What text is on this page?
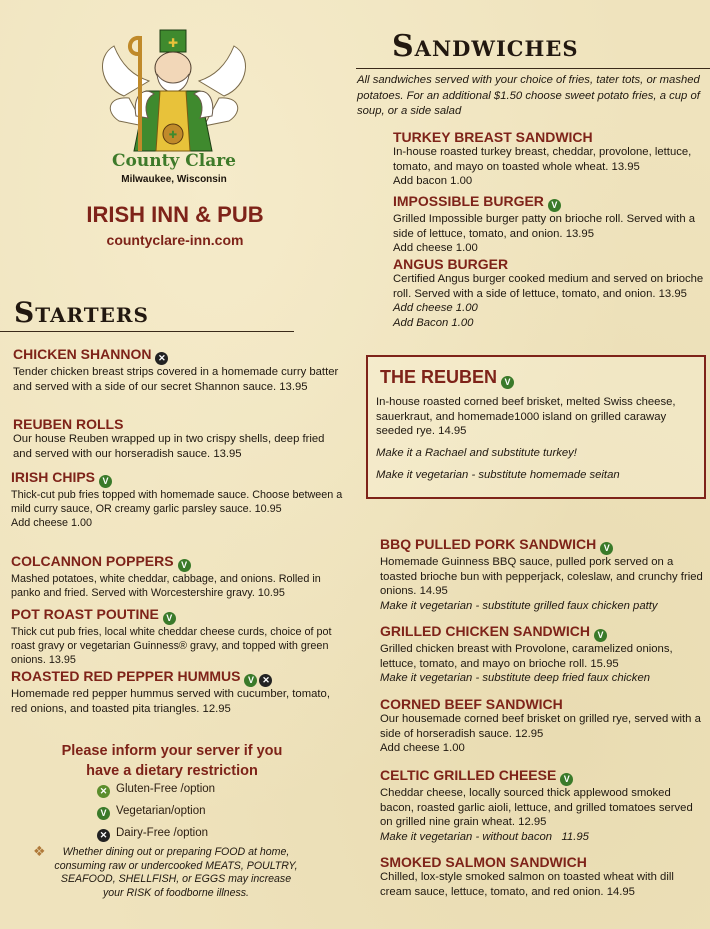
✚
✚
County Clare
Milwaukee, Wisconsin
IRISH INN & PUB
countyclare-inn.com
Sandwiches
All sandwiches served with your choice of fries, tater tots, or mashed potatoes. For an additional $1.50 choose sweet potato fries, a cup of soup, or a side salad
TURKEY BREAST SANDWICH
In-house roasted turkey breast, cheddar, provolone, lettuce, tomato, and mayo on toasted whole wheat. 13.95
Add bacon 1.00
IMPOSSIBLE BURGER V
Grilled Impossible burger patty on brioche roll. Served with a side of lettuce, tomato, and onion. 13.95
Add cheese 1.00
ANGUS BURGER
Certified Angus burger cooked medium and served on brioche roll. Served with a side of lettuce, tomato, and onion. 13.95
Add cheese 1.00
Add Bacon 1.00
THE REUBEN V
In-house roasted corned beef brisket, melted Swiss cheese, sauerkraut, and homemade1000 island on grilled caraway seeded rye. 14.95
Make it a Rachael and substitute turkey!
Make it vegetarian - substitute homemade seitan
BBQ PULLED PORK SANDWICH V
Homemade Guinness BBQ sauce, pulled pork served on a toasted brioche bun with pepperjack, coleslaw, and crunchy fried onions. 14.95
Make it vegetarian - substitute grilled faux chicken patty
GRILLED CHICKEN SANDWICH V
Grilled chicken breast with Provolone, caramelized onions, lettuce, tomato, and mayo on brioche roll. 15.95
Make it vegetarian - substitute deep fried faux chicken
CORNED BEEF SANDWICH
Our housemade corned beef brisket on grilled rye, served with a side of horseradish sauce. 12.95
Add cheese 1.00
CELTIC GRILLED CHEESE V
Cheddar cheese, locally sourced thick applewood smoked bacon, roasted garlic aioli, lettuce, and grilled tomatoes served on grilled nine grain wheat. 12.95
Make it vegetarian - without bacon   11.95
SMOKED SALMON SANDWICH
Chilled, lox-style smoked salmon on toasted wheat with dill cream sauce, lettuce, tomato, and red onion. 14.95
Starters
CHICKEN SHANNON ✕
Tender chicken breast strips covered in a homemade curry batter and served with a side of our secret Shannon sauce. 13.95
REUBEN ROLLS
Our house Reuben wrapped up in two crispy shells, deep fried and served with our horseradish sauce. 13.95
IRISH CHIPS V
Thick-cut pub fries topped with homemade sauce. Choose between a mild curry sauce, OR creamy garlic parsley sauce. 10.95
Add cheese 1.00
COLCANNON POPPERS V
Mashed potatoes, white cheddar, cabbage, and onions. Rolled in panko and fried. Served with Worcestershire gravy. 10.95
POT ROAST POUTINE V
Thick cut pub fries, local white cheddar cheese curds, choice of pot roast gravy or vegetarian Guinness® gravy, and topped with green onions. 13.95
ROASTED RED PEPPER HUMMUS V ✕
Homemade red pepper hummus served with cucumber, tomato, red onions, and toasted pita triangles. 12.95
Please inform your server if you
have a dietary restriction
✕ Gluten-Free /option
V Vegetarian/option
✕ Dairy-Free /option
❖	Whether dining out or preparing FOOD at home, consuming raw or undercooked MEATS, POULTRY, SEAFOOD, SHELLFISH, or EGGS may increase your RISK of foodborne illness.
